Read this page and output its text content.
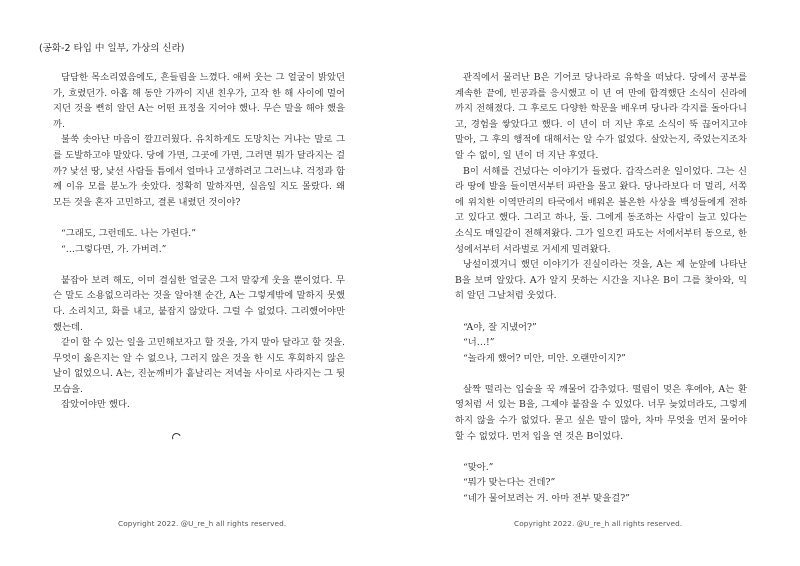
(공화-2 타입 中 일부, 가상의 신라)

담담한 목소리였음에도, 흔들림을 느꼈다. 애써 웃는 그 얼굴이 밝았던가, 흐렸던가. 아홉 해 동안 가까이 지낸 친우가, 고작 한 해 사이에 멀어지던 것을 뻔히 알던 A는 어떤 표정을 지어야 했나. 무슨 말을 해야 했을까.

불쑥 솟아난 마음이 깔끄러웠다. 유치하게도 도망치는 거냐는 말로 그를 도발하고야 말았다. 당에 가면, 그곳에 가면, 그러면 뭐가 달라지는 걸까? 낯선 땅, 낯선 사람들 틈에서 얼마나 고생하려고 그러느냐. 걱정과 함께 이유 모를 분노가 솟았다. 정확히 말하자면, 실음일 지도 몰랐다. 왜 모든 것을 혼자 고민하고, 결론 내렸던 것이야?

“그래도, 그런데도. 나는 가련다.”

“…그렇다면, 가. 가버려.”

붙잡아 보려 해도, 이미 결심한 얼굴은 그저 말갛게 웃을 뿐이었다. 무슨 말도 소용없으리라는 것을 알아챈 순간, A는 그렇게밖에 말하지 못했다. 소리치고, 화를 내고, 붙잡지 않았다. 그럴 수 없었다. 그리했어야만 했는데.

같이 할 수 있는 일을 고민해보자고 할 것을, 가지 말아 달라고 할 것을. 무엇이 옳은지는 알 수 없으나, 그러지 않은 것을 한 시도 후회하지 않은 날이 없었으니. A는, 진눈깨비가 흩날리는 저녁놀 사이로 사라지는 그 뒷모습을.

잡았어야만 했다.

관직에서 물러난 B은 기어코 당나라로 유학을 떠났다. 당에서 공부를 계속한 끝에, 빈공과를 응시했고 이 년 여 만에 합격했단 소식이 신라에까지 전해졌다. 그 후로도 다양한 학문을 배우며 당나라 각지를 돌아다니고, 경험을 쌓았다고 했다. 이 년이 더 지난 후로 소식이 뚝 끊어지고야 말아, 그 후의 행적에 대해서는 알 수가 없었다. 살았는지, 죽었는지조차 알 수 없이, 일 년이 더 지난 후였다.

B이 서해를 건넜다는 이야기가 들렸다. 갑작스러운 일이었다. 그는 신라 땅에 발을 들이면서부터 파란을 몰고 왔다. 당나라보다 더 멀리, 서쪽에 위치한 이역만리의 타국에서 배워온 불온한 사상을 백성들에게 전하고 있다고 했다. 그리고 하나, 둘. 그에게 동조하는 사람이 늘고 있다는 소식도 매일같이 전해져왔다. 그가 일으킨 파도는 서에서부터 동으로, 한성에서부터 서라벌로 거세게 밀려왔다.

낭설이겠거니 했던 이야기가 진실이라는 것을, A는 제 눈앞에 나타난 B을 보며 알았다. A가 알지 못하는 시간을 지나온 B이 그를 찾아와, 익히 알던 그날처럼 웃었다.

“A야, 잘 지냈어?”

“너…!”

“놀라게 했어? 미안, 미안. 오랜만이지?”

살짝 떨리는 입술을 꾹 깨물어 감추었다. 떨림이 멎은 후에야, A는 환영처럼 서 있는 B을, 그제야 붙잡을 수 있었다. 너무 늦었더라도, 그렇게 하지 않을 수가 없었다. 묻고 싶은 말이 많아, 차마 무엇을 먼저 물어야 할 수 없었다. 먼저 입을 연 것은 B이었다.

“맞아.”

“뭐가 맞는다는 건데?”

“네가 물어보려는 거. 아마 전부 맞을걸?”

Copyright 2022. @U_re_h all rights reserved.	Copyright 2022. @U_re_h all rights reserved.
